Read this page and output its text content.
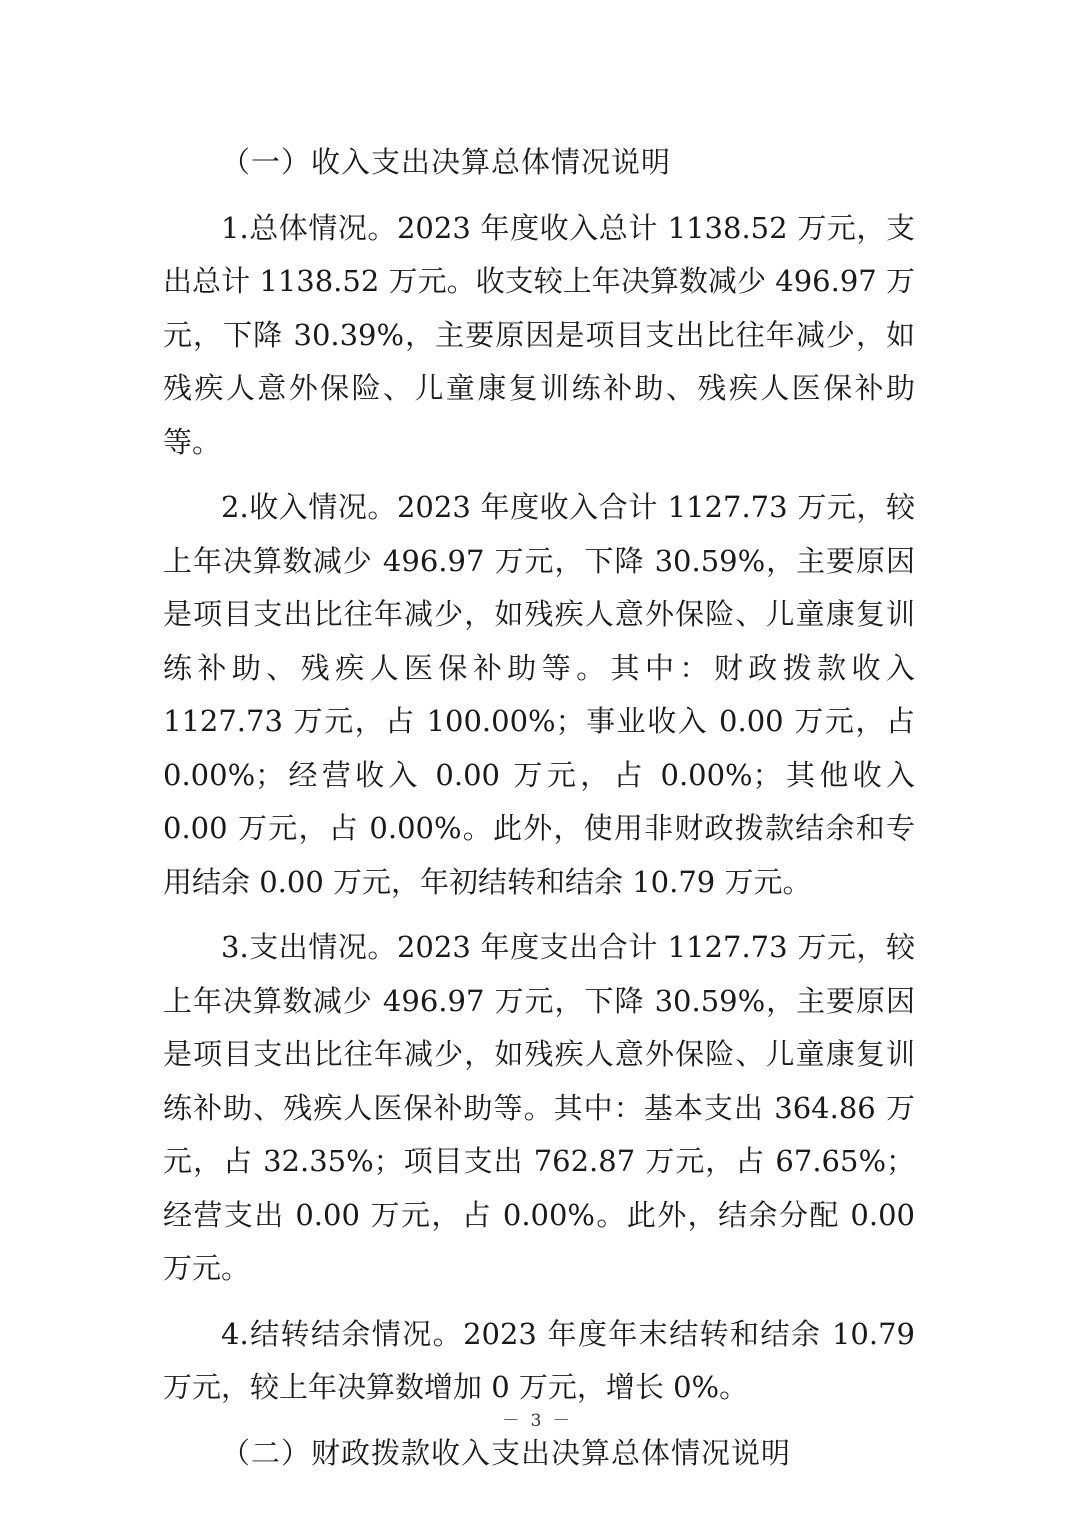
（一）收入支出决算总体情况说明

1.总体情况。2023 年度收入总计 1138.52 万元，支出总计 1138.52 万元。收支较上年决算数减少 496.97 万元，下降 30.39%，主要原因是项目支出比往年减少，如残疾人意外保险、儿童康复训练补助、残疾人医保补助等。

2.收入情况。2023 年度收入合计 1127.73 万元，较上年决算数减少 496.97 万元，下降 30.59%，主要原因是项目支出比往年减少，如残疾人意外保险、儿童康复训练补助、残疾人医保补助等。其中：财政拨款收入 1127.73 万元，占 100.00%；事业收入 0.00 万元，占 0.00%；经营收入 0.00 万元，占 0.00%；其他收入 0.00 万元，占 0.00%。此外，使用非财政拨款结余和专用结余 0.00 万元，年初结转和结余 10.79 万元。

3.支出情况。2023 年度支出合计 1127.73 万元，较上年决算数减少 496.97 万元，下降 30.59%，主要原因是项目支出比往年减少，如残疾人意外保险、儿童康复训练补助、残疾人医保补助等。其中：基本支出 364.86 万元，占 32.35%；项目支出 762.87 万元，占 67.65%；经营支出 0.00 万元，占 0.00%。此外，结余分配 0.00 万元。

4.结转结余情况。2023 年度年末结转和结余 10.79 万元，较上年决算数增加 0 万元，增长 0%。

（二）财政拨款收入支出决算总体情况说明

－ 3 －
